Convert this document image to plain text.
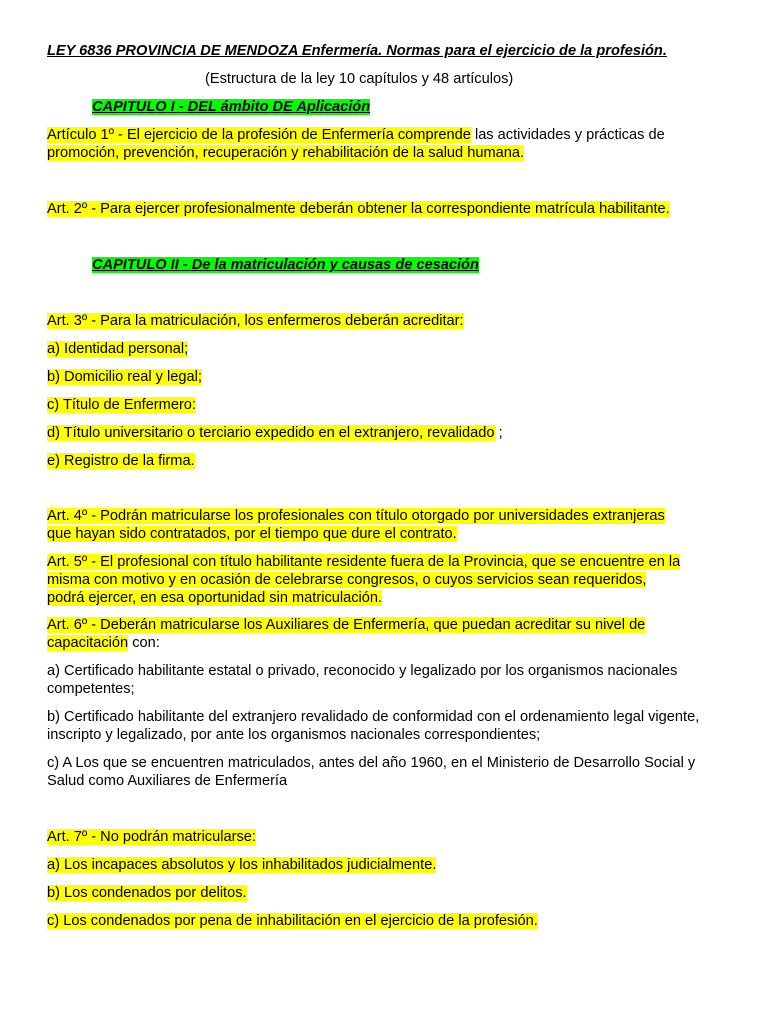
LEY 6836 PROVINCIA DE MENDOZA Enfermería. Normas para el ejercicio de la profesión.

(Estructura de la ley 10 capítulos y 48 artículos)

CAPITULO I - DEL ámbito DE Aplicación

Artículo 1º - El ejercicio de la profesión de Enfermería comprende las actividades y prácticas de

promoción, prevención, recuperación y rehabilitación de la salud humana.

Art. 2º - Para ejercer profesionalmente deberán obtener la correspondiente matrícula habilitante.

CAPITULO II - De la matriculación y causas de cesación

Art. 3º - Para la matriculación, los enfermeros deberán acreditar:

a) Identidad personal;

b) Domicilio real y legal;

c) Título de Enfermero:

d) Título universitario o terciario expedido en el extranjero, revalidado ;

e) Registro de la firma.

Art. 4º - Podrán matricularse los profesionales con título otorgado por universidades extranjeras

que hayan sido contratados, por el tiempo que dure el contrato.

Art. 5º - El profesional con título habilitante residente fuera de la Provincia, que se encuentre en la

misma con motivo y en ocasión de celebrarse congresos, o cuyos servicios sean requeridos,

podrá ejercer, en esa oportunidad sin matriculación.

Art. 6º - Deberán matricularse los Auxiliares de Enfermería, que puedan acreditar su nivel de

capacitación con:

a) Certificado habilitante estatal o privado, reconocido y legalizado por los organismos nacionales competentes;

b) Certificado habilitante del extranjero revalidado de conformidad con el ordenamiento legal vigente, inscripto y legalizado, por ante los organismos nacionales correspondientes;

c) A Los que se encuentren matriculados, antes del año 1960, en el Ministerio de Desarrollo Social y Salud como Auxiliares de Enfermería

Art. 7º - No podrán matricularse:

a) Los incapaces absolutos y los inhabilitados judicialmente.

b) Los condenados por delitos.

c) Los condenados por pena de inhabilitación en el ejercicio de la profesión.
